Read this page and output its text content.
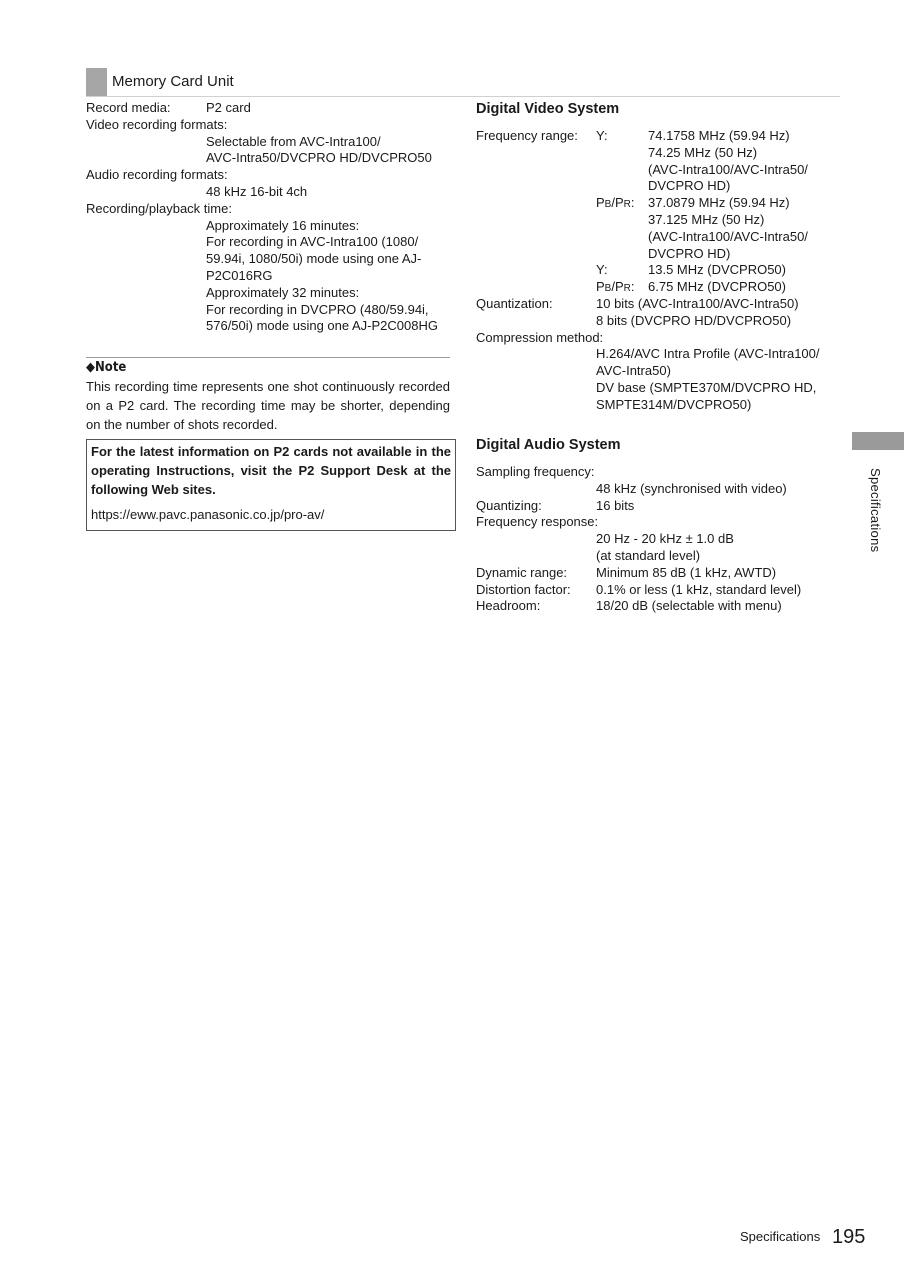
Memory Card Unit
Record media:	P2 card
Video recording formats:
Selectable from AVC-Intra100/
AVC-Intra50/DVCPRO HD/DVCPRO50
Audio recording formats:
48 kHz 16-bit 4ch
Recording/playback time:
Approximately 16 minutes:
For recording in AVC-Intra100 (1080/
59.94i, 1080/50i) mode using one AJ-
P2C016RG
Approximately 32 minutes:
For recording in DVCPRO (480/59.94i,
576/50i) mode using one AJ-P2C008HG
◆Note
This recording time represents one shot continuously recorded on a P2 card. The recording time may be shorter, depending on the number of shots recorded.
For the latest information on P2 cards not available in the operating Instructions, visit the P2 Support Desk at the following Web sites.
https://eww.pavc.panasonic.co.jp/pro-av/
Digital Video System
Frequency range: Y:	74.1758 MHz (59.94 Hz)
74.25 MHz (50 Hz)
(AVC-Intra100/AVC-Intra50/
DVCPRO HD)
PB/PR: 37.0879 MHz (59.94 Hz)
37.125 MHz (50 Hz)
(AVC-Intra100/AVC-Intra50/
DVCPRO HD)
Y:	13.5 MHz (DVCPRO50)
PB/PR: 6.75 MHz (DVCPRO50)
Quantization:	10 bits (AVC-Intra100/AVC-Intra50)
8 bits (DVCPRO HD/DVCPRO50)
Compression method:
H.264/AVC Intra Profile (AVC-Intra100/
AVC-Intra50)
DV base (SMPTE370M/DVCPRO HD,
SMPTE314M/DVCPRO50)
Digital Audio System
Sampling frequency:
48 kHz (synchronised with video)
Quantizing:	16 bits
Frequency response:
20 Hz - 20 kHz ± 1.0 dB
(at standard level)
Dynamic range: Minimum 85 dB (1 kHz, AWTD)
Distortion factor: 0.1% or less (1 kHz, standard level)
Headroom:	18/20 dB (selectable with menu)
Specifications
Specifications 195
